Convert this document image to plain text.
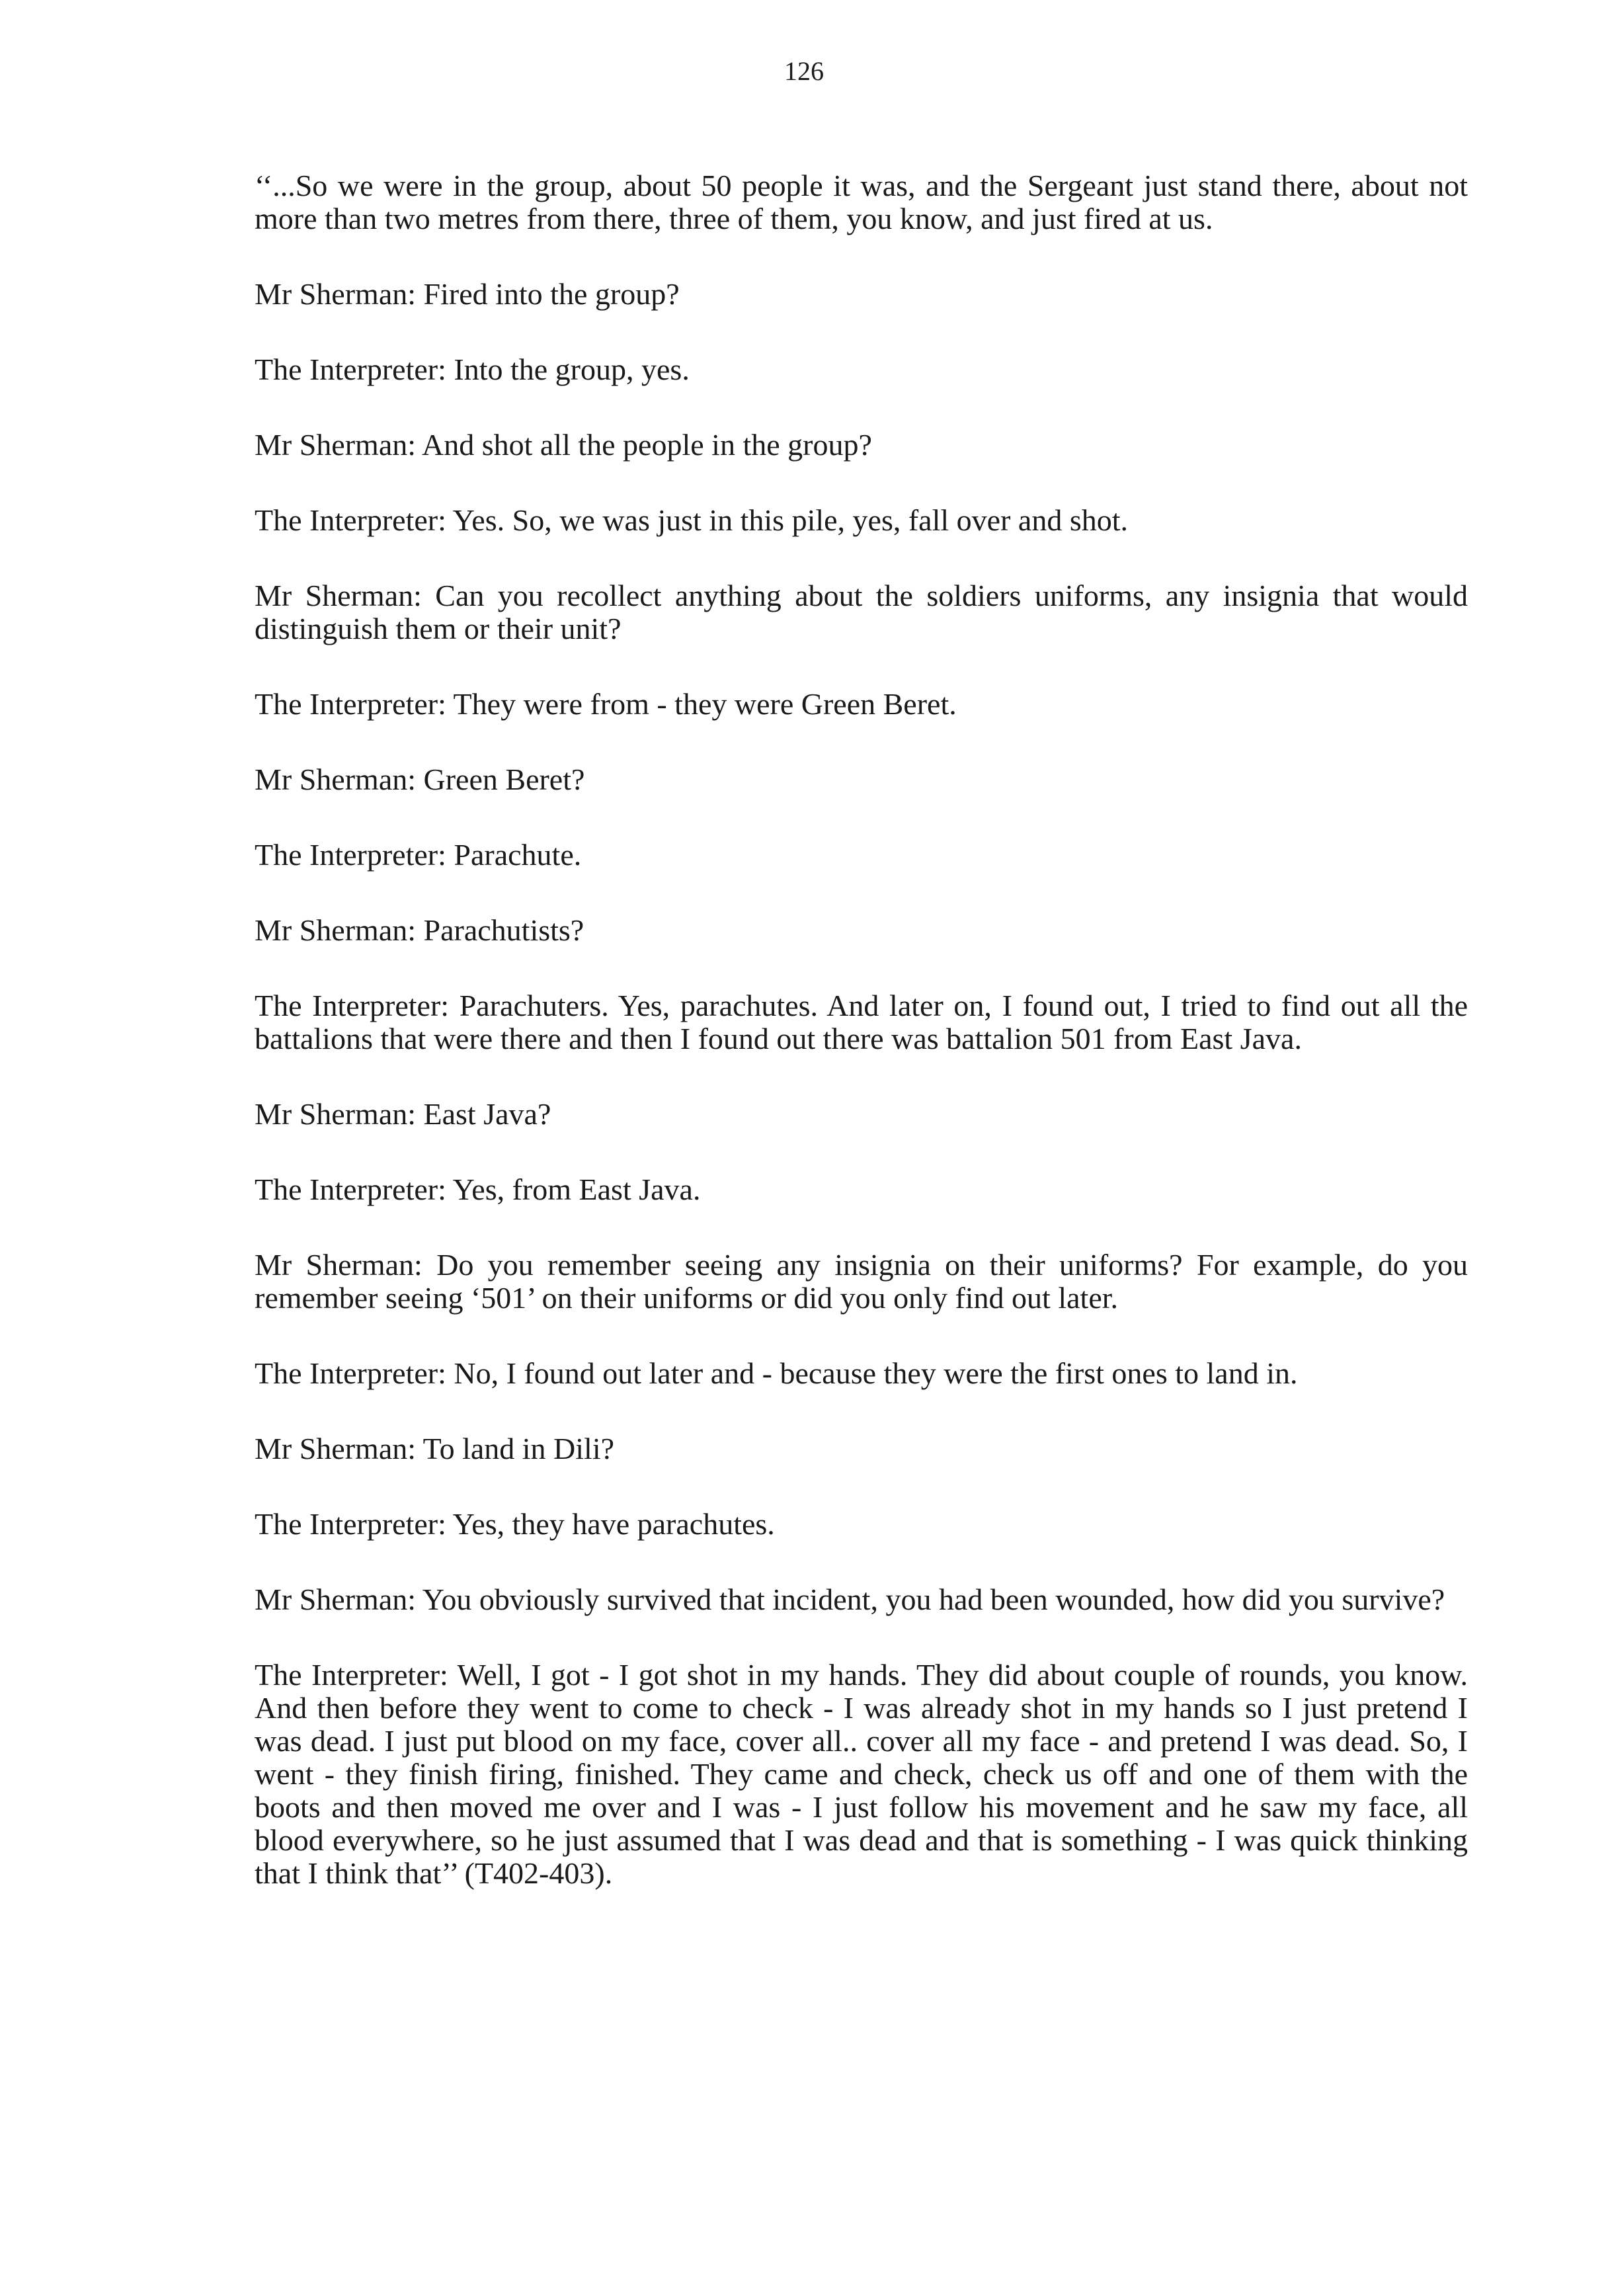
126

‘‘...So we were in the group, about 50 people it was, and the Sergeant just stand there, about not more than two metres from there, three of them, you know, and just fired at us.

Mr Sherman: Fired into the group?

The Interpreter: Into the group, yes.

Mr Sherman: And shot all the people in the group?

The Interpreter: Yes. So, we was just in this pile, yes, fall over and shot.

Mr Sherman: Can you recollect anything about the soldiers uniforms, any insignia that would distinguish them or their unit?

The Interpreter: They were from - they were Green Beret.

Mr Sherman: Green Beret?

The Interpreter: Parachute.

Mr Sherman: Parachutists?

The Interpreter: Parachuters. Yes, parachutes. And later on, I found out, I tried to find out all the battalions that were there and then I found out there was battalion 501 from East Java.

Mr Sherman: East Java?

The Interpreter: Yes, from East Java.

Mr Sherman: Do you remember seeing any insignia on their uniforms? For example, do you remember seeing ‘501’ on their uniforms or did you only find out later.

The Interpreter: No, I found out later and - because they were the first ones to land in.

Mr Sherman: To land in Dili?

The Interpreter: Yes, they have parachutes.

Mr Sherman: You obviously survived that incident, you had been wounded, how did you survive?

The Interpreter: Well, I got - I got shot in my hands. They did about couple of rounds, you know. And then before they went to come to check - I was already shot in my hands so I just pretend I was dead. I just put blood on my face, cover all.. cover all my face - and pretend I was dead. So, I went - they finish firing, finished. They came and check, check us off and one of them with the boots and then moved me over and I was - I just follow his movement and he saw my face, all blood everywhere, so he just assumed that I was dead and that is something - I was quick thinking that I think that’’ (T402-403).
